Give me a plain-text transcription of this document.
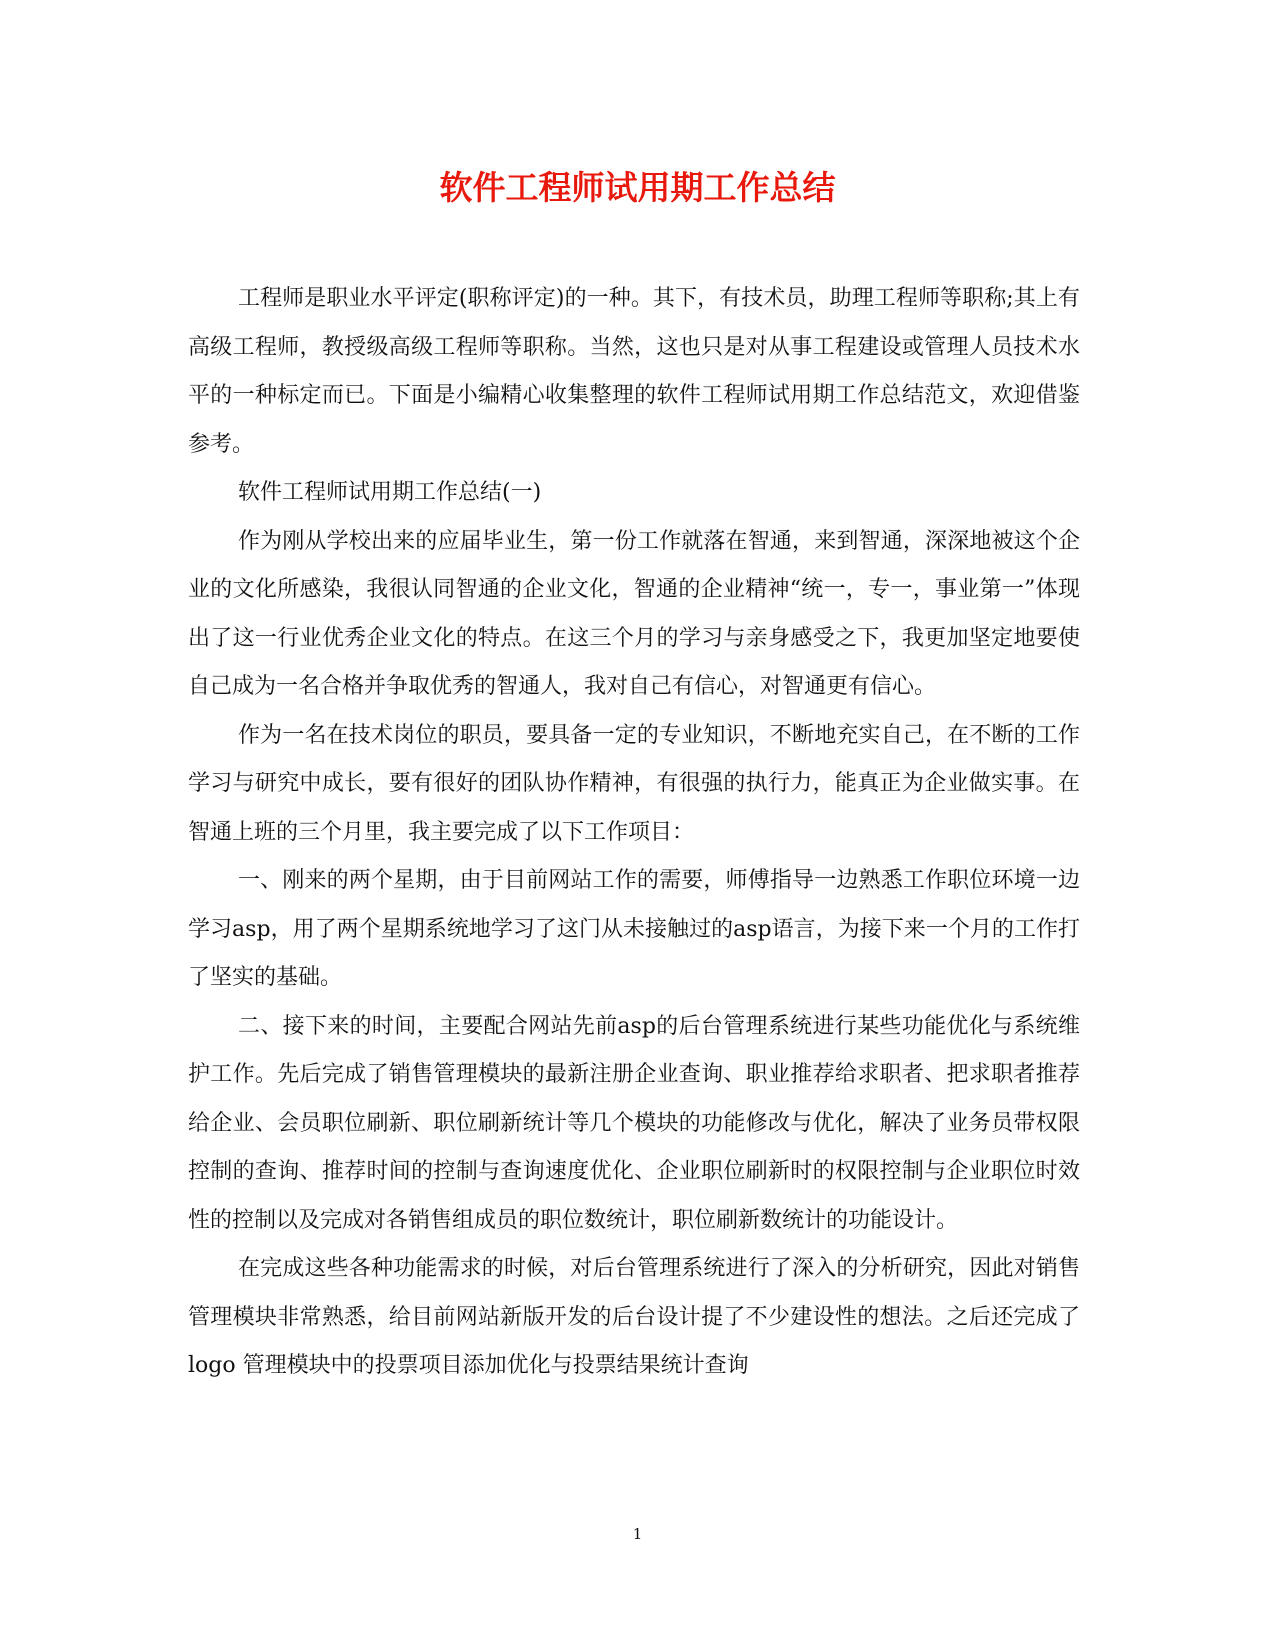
软件工程师试用期工作总结

工程师是职业水平评定(职称评定)的一种。其下，有技术员，助理工程师等职称;其上有高级工程师，教授级高级工程师等职称。当然，这也只是对从事工程建设或管理人员技术水平的一种标定而已。下面是小编精心收集整理的软件工程师试用期工作总结范文，欢迎借鉴参考。

软件工程师试用期工作总结(一)

作为刚从学校出来的应届毕业生，第一份工作就落在智通，来到智通，深深地被这个企业的文化所感染，我很认同智通的企业文化，智通的企业精神“统一，专一，事业第一”体现出了这一行业优秀企业文化的特点。在这三个月的学习与亲身感受之下，我更加坚定地要使自己成为一名合格并争取优秀的智通人，我对自己有信心，对智通更有信心。

作为一名在技术岗位的职员，要具备一定的专业知识，不断地充实自己，在不断的工作学习与研究中成长，要有很好的团队协作精神，有很强的执行力，能真正为企业做实事。在智通上班的三个月里，我主要完成了以下工作项目：

一、刚来的两个星期，由于目前网站工作的需要，师傅指导一边熟悉工作职位环境一边学习asp，用了两个星期系统地学习了这门从未接触过的asp语言，为接下来一个月的工作打了坚实的基础。

二、接下来的时间，主要配合网站先前asp的后台管理系统进行某些功能优化与系统维护工作。先后完成了销售管理模块的最新注册企业查询、职业推荐给求职者、把求职者推荐给企业、会员职位刷新、职位刷新统计等几个模块的功能修改与优化，解决了业务员带权限控制的查询、推荐时间的控制与查询速度优化、企业职位刷新时的权限控制与企业职位时效性的控制以及完成对各销售组成员的职位数统计，职位刷新数统计的功能设计。

在完成这些各种功能需求的时候，对后台管理系统进行了深入的分析研究，因此对销售管理模块非常熟悉，给目前网站新版开发的后台设计提了不少建设性的想法。之后还完成了 logo 管理模块中的投票项目添加优化与投票结果统计查询

1
